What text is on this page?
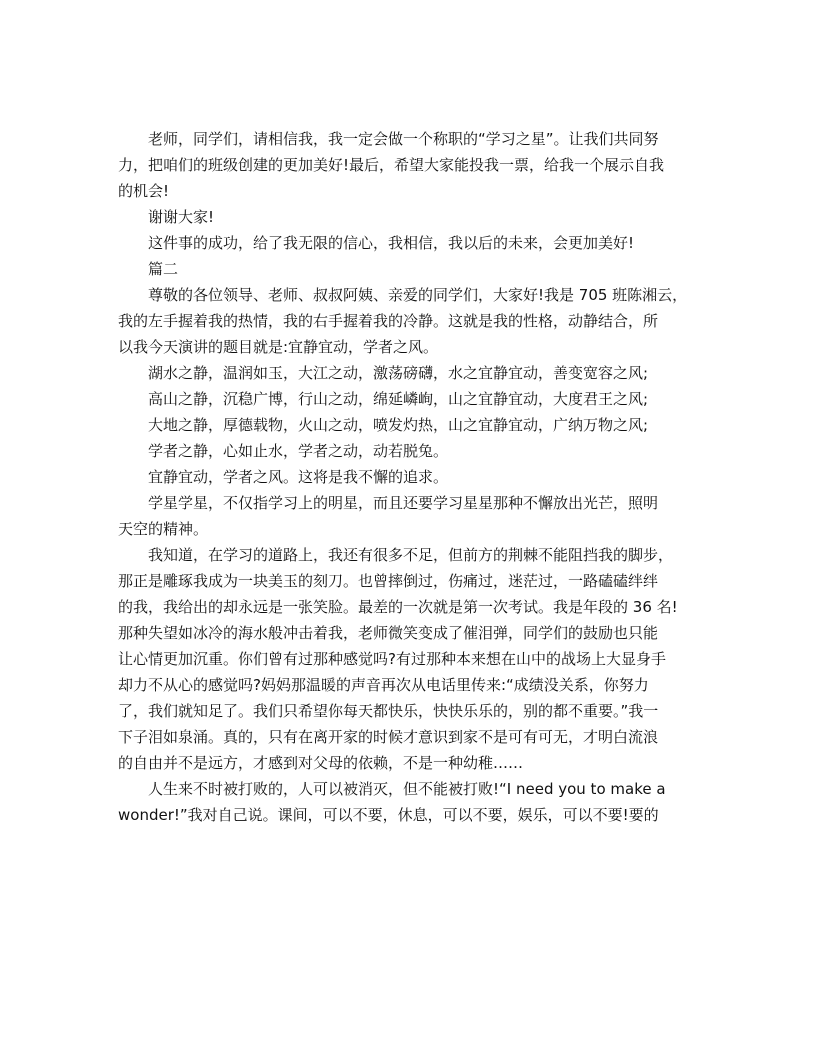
老师，同学们，请相信我，我一定会做一个称职的“学习之星”。让我们共同努
力，把咱们的班级创建的更加美好!最后，希望大家能投我一票，给我一个展示自我
的机会!

谢谢大家!

这件事的成功，给了我无限的信心，我相信，我以后的未来，会更加美好!

篇二

尊敬的各位领导、老师、叔叔阿姨、亲爱的同学们，大家好!我是 705 班陈湘云，
我的左手握着我的热情，我的右手握着我的冷静。这就是我的性格，动静结合，所
以我今天演讲的题目就是:宜静宜动，学者之风。

湖水之静，温润如玉，大江之动，激荡磅礴，水之宜静宜动，善变宽容之风;

高山之静，沉稳广博，行山之动，绵延嶙峋，山之宜静宜动，大度君王之风;

大地之静，厚德载物，火山之动，喷发灼热，山之宜静宜动，广纳万物之风;

学者之静，心如止水，学者之动，动若脱兔。

宜静宜动，学者之风。这将是我不懈的追求。

学星学星，不仅指学习上的明星，而且还要学习星星那种不懈放出光芒，照明
天空的精神。

我知道，在学习的道路上，我还有很多不足，但前方的荆棘不能阻挡我的脚步，
那正是雕琢我成为一块美玉的刻刀。也曾摔倒过，伤痛过，迷茫过，一路磕磕绊绊
的我，我给出的却永远是一张笑脸。最差的一次就是第一次考试。我是年段的 36 名!
那种失望如冰冷的海水般冲击着我，老师微笑变成了催泪弹，同学们的鼓励也只能
让心情更加沉重。你们曾有过那种感觉吗?有过那种本来想在山中的战场上大显身手
却力不从心的感觉吗?妈妈那温暖的声音再次从电话里传来:“成绩没关系，你努力
了，我们就知足了。我们只希望你每天都快乐，快快乐乐的，别的都不重要。”我一
下子泪如泉涌。真的，只有在离开家的时候才意识到家不是可有可无，才明白流浪
的自由并不是远方，才感到对父母的依赖，不是一种幼稚……

人生来不时被打败的，人可以被消灭，但不能被打败!“I need you to make a
wonder!”我对自己说。课间，可以不要，休息，可以不要，娱乐，可以不要!要的
